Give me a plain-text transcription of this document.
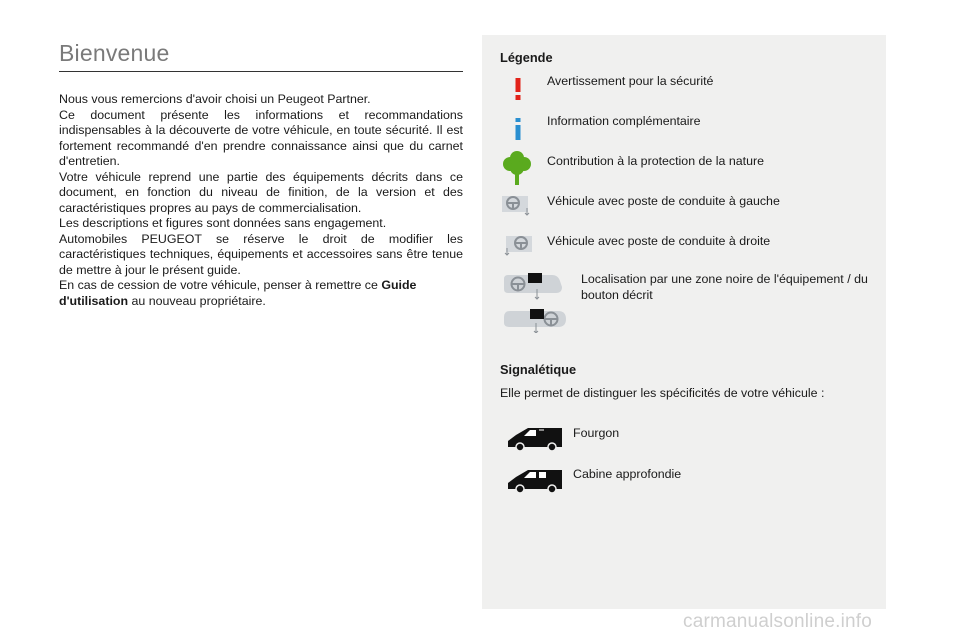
Bienvenue

Nous vous remercions d'avoir choisi un Peugeot Partner.

Ce document présente les informations et recommandations indispensables à la découverte de votre véhicule, en toute sécurité. Il est fortement recommandé d'en prendre connaissance ainsi que du carnet d'entretien.

Votre véhicule reprend une partie des équipements décrits dans ce document, en fonction du niveau de finition, de la version et des caractéristiques propres au pays de commercialisation.

Les descriptions et figures sont données sans engagement.

Automobiles PEUGEOT se réserve le droit de modifier les caractéristiques techniques, équipements et accessoires sans être tenue de mettre à jour le présent guide.

En cas de cession de votre véhicule, penser à remettre ce Guide d'utilisation au nouveau propriétaire.

Légende
Avertissement pour la sécurité
Information complémentaire
Contribution à la protection de la nature
Véhicule avec poste de conduite à gauche
Véhicule avec poste de conduite à droite
Localisation par une zone noire de l'équipement / du bouton décrit
Signalétique
Elle permet de distinguer les spécificités de votre véhicule :
Fourgon
Cabine approfondie
carmanualsonline.info
